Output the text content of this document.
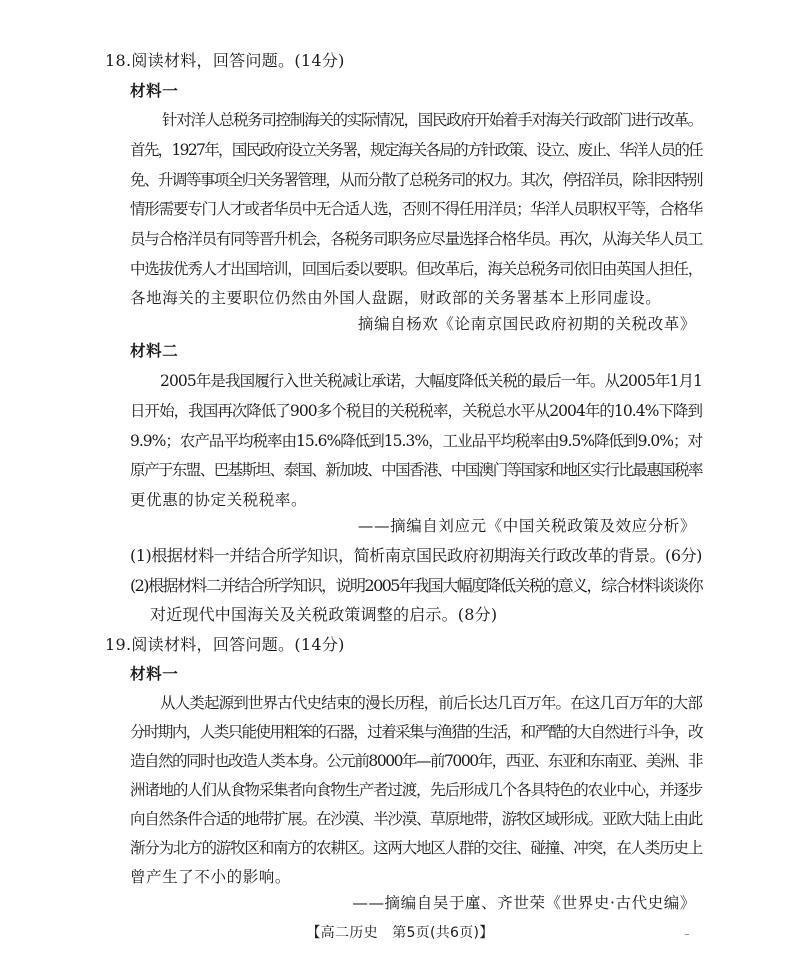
18.阅读材料，回答问题。(14分)
材料一
针对洋人总税务司控制海关的实际情况，国民政府开始着手对海关行政部门进行改革。
首先，1927年，国民政府设立关务署，规定海关各局的方针政策、设立、废止、华洋人员的任
免、升调等事项全归关务署管理，从而分散了总税务司的权力。其次，停招洋员，除非因特别
情形需要专门人才或者华员中无合适人选，否则不得任用洋员；华洋人员职权平等，合格华
员与合格洋员有同等晋升机会，各税务司职务应尽量选择合格华员。再次，从海关华人员工
中选拔优秀人才出国培训，回国后委以要职。但改革后，海关总税务司依旧由英国人担任，
各地海关的主要职位仍然由外国人盘踞，财政部的关务署基本上形同虚设。
摘编自杨欢《论南京国民政府初期的关税改革》
材料二
2005年是我国履行入世关税减让承诺，大幅度降低关税的最后一年。从2005年1月1
日开始，我国再次降低了900多个税目的关税税率，关税总水平从2004年的10.4%下降到
9.9%；农产品平均税率由15.6%降低到15.3%，工业品平均税率由9.5%降低到9.0%；对
原产于东盟、巴基斯坦、泰国、新加坡、中国香港、中国澳门等国家和地区实行比最惠国税率
更优惠的协定关税税率。
——摘编自刘应元《中国关税政策及效应分析》
(1)根据材料一并结合所学知识，简析南京国民政府初期海关行政改革的背景。(6分)
(2)根据材料二并结合所学知识，说明2005年我国大幅度降低关税的意义，综合材料谈谈你
对近现代中国海关及关税政策调整的启示。(8分)
19.阅读材料，回答问题。(14分)
材料一
从人类起源到世界古代史结束的漫长历程，前后长达几百万年。在这几百万年的大部
分时期内，人类只能使用粗笨的石器，过着采集与渔猎的生活，和严酷的大自然进行斗争，改
造自然的同时也改造人类本身。公元前8000年—前7000年，西亚、东亚和东南亚、美洲、非
洲诸地的人们从食物采集者向食物生产者过渡，先后形成几个各具特色的农业中心，并逐步
向自然条件合适的地带扩展。在沙漠、半沙漠、草原地带，游牧区域形成。亚欧大陆上由此
渐分为北方的游牧区和南方的农耕区。这两大地区人群的交往、碰撞、冲突，在人类历史上
曾产生了不小的影响。
——摘编自吴于廑、齐世荣《世界史·古代史编》
【高二历史　第5页(共6页)】	⁻
